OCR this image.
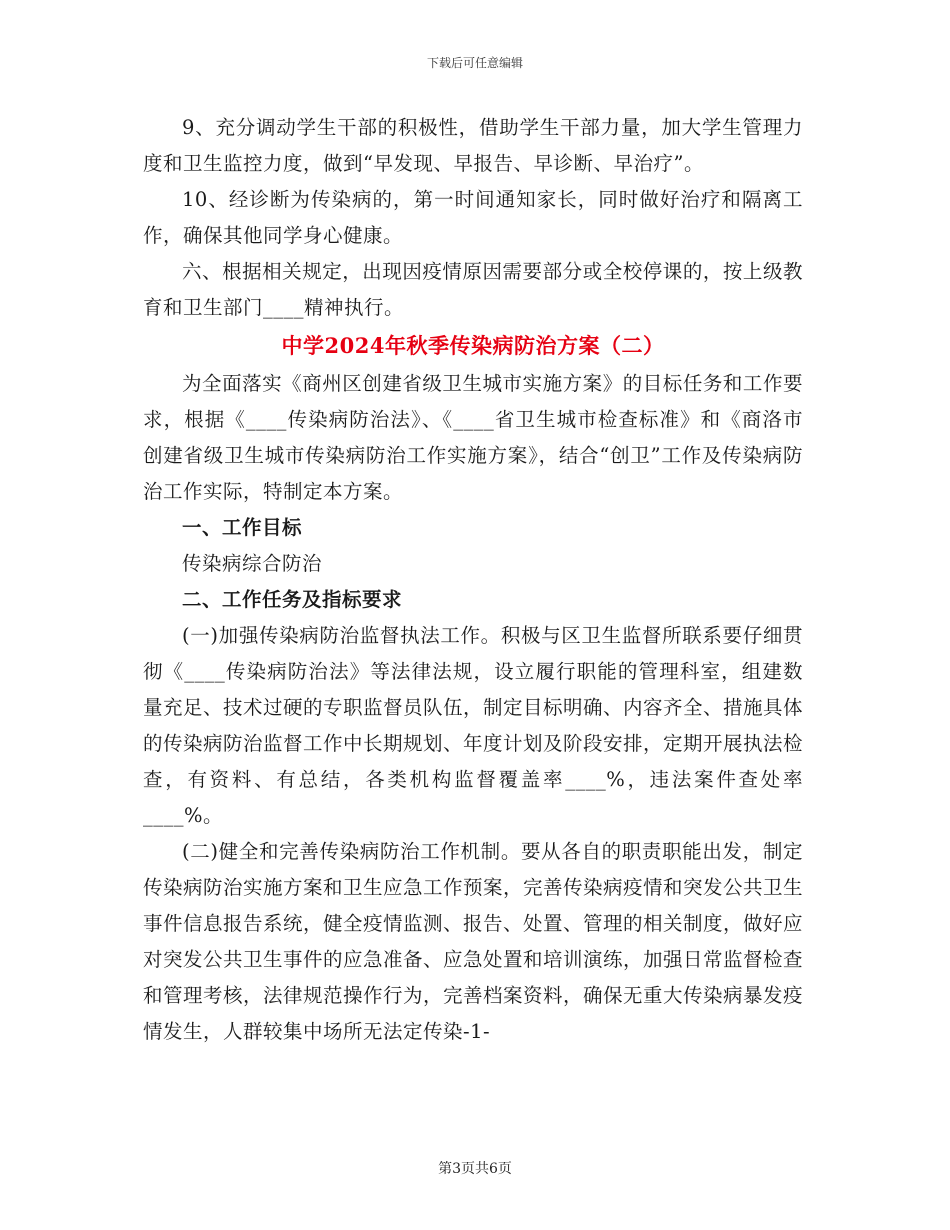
下载后可任意编辑

9、充分调动学生干部的积极性，借助学生干部力量，加大学生管理力度和卫生监控力度，做到“早发现、早报告、早诊断、早治疗”。

10、经诊断为传染病的，第一时间通知家长，同时做好治疗和隔离工作，确保其他同学身心健康。

六、根据相关规定，出现因疫情原因需要部分或全校停课的，按上级教育和卫生部门____精神执行。

中学2024年秋季传染病防治方案（二）

为全面落实《商州区创建省级卫生城市实施方案》的目标任务和工作要求，根据《____传染病防治法》、《____省卫生城市检查标准》和《商洛市创建省级卫生城市传染病防治工作实施方案》，结合“创卫”工作及传染病防治工作实际，特制定本方案。

一、工作目标

传染病综合防治

二、工作任务及指标要求

(一)加强传染病防治监督执法工作。积极与区卫生监督所联系要仔细贯彻《____传染病防治法》等法律法规，设立履行职能的管理科室，组建数量充足、技术过硬的专职监督员队伍，制定目标明确、内容齐全、措施具体的传染病防治监督工作中长期规划、年度计划及阶段安排，定期开展执法检查，有资料、有总结，各类机构监督覆盖率____%，违法案件查处率____%。

(二)健全和完善传染病防治工作机制。要从各自的职责职能出发，制定传染病防治实施方案和卫生应急工作预案，完善传染病疫情和突发公共卫生事件信息报告系统，健全疫情监测、报告、处置、管理的相关制度，做好应对突发公共卫生事件的应急准备、应急处置和培训演练，加强日常监督检查和管理考核，法律规范操作行为，完善档案资料，确保无重大传染病暴发疫情发生，人群较集中场所无法定传染-1-

第3页共6页
